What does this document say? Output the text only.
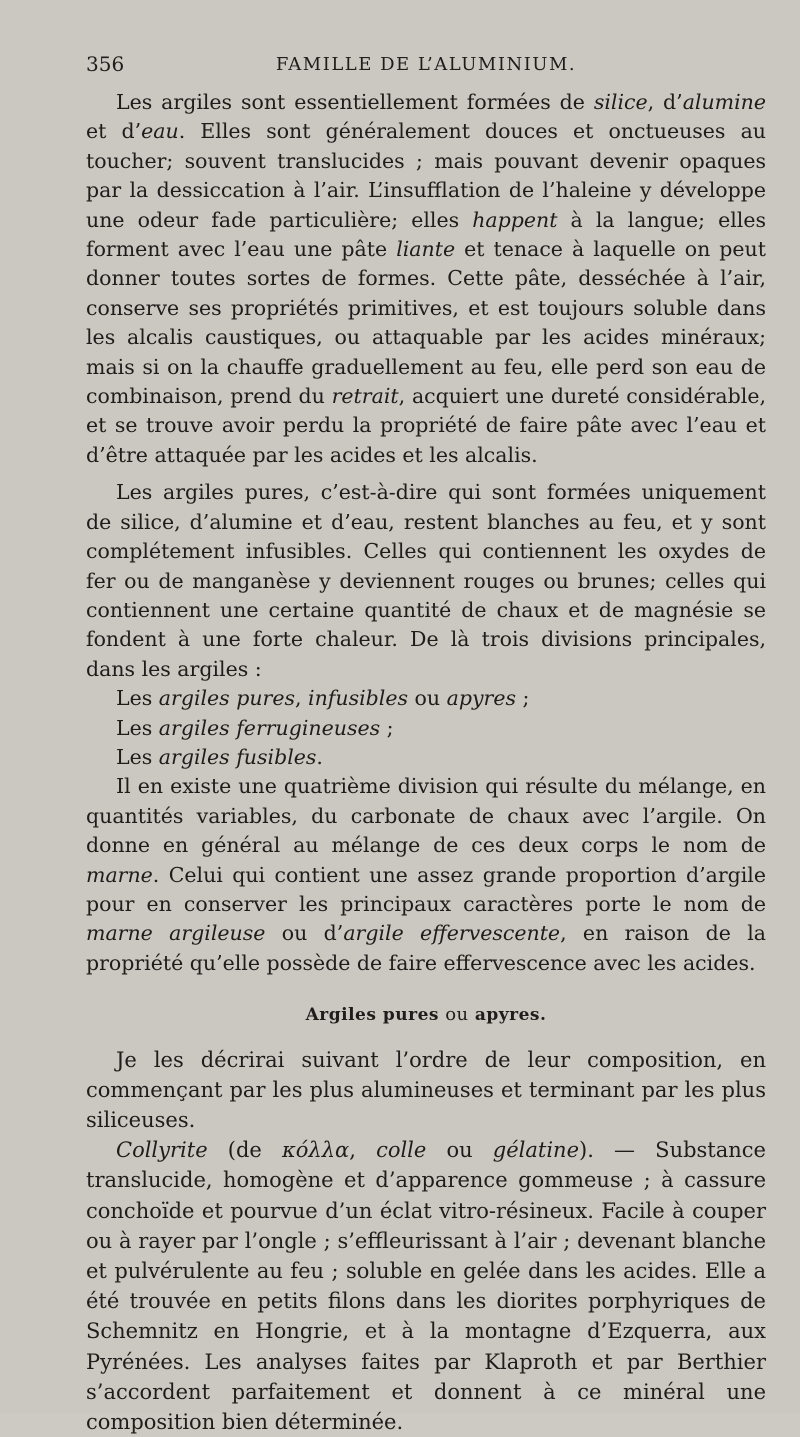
356	FAMILLE DE L’ALUMINIUM.

Les argiles sont essentiellement formées de silice, d’alumine et d’eau. Elles sont généralement douces et onctueuses au toucher; souvent translucides ; mais pouvant devenir opaques par la dessiccation à l’air. L’insufflation de l’haleine y développe une odeur fade particulière; elles happent à la langue; elles forment avec l’eau une pâte liante et tenace à laquelle on peut donner toutes sortes de formes. Cette pâte, desséchée à l’air, conserve ses propriétés primitives, et est toujours soluble dans les alcalis caustiques, ou attaquable par les acides minéraux; mais si on la chauffe graduellement au feu, elle perd son eau de combinaison, prend du retrait, acquiert une dureté considérable, et se trouve avoir perdu la propriété de faire pâte avec l’eau et d’être attaquée par les acides et les alcalis.

Les argiles pures, c’est-à-dire qui sont formées uniquement de silice, d’alumine et d’eau, restent blanches au feu, et y sont complétement infusibles. Celles qui contiennent les oxydes de fer ou de manganèse y deviennent rouges ou brunes; celles qui contiennent une certaine quantité de chaux et de magnésie se fondent à une forte chaleur. De là trois divisions principales, dans les argiles :

Les argiles pures, infusibles ou apyres ;

Les argiles ferrugineuses ;

Les argiles fusibles.

Il en existe une quatrième division qui résulte du mélange, en quantités variables, du carbonate de chaux avec l’argile. On donne en général au mélange de ces deux corps le nom de marne. Celui qui contient une assez grande proportion d’argile pour en conserver les principaux caractères porte le nom de marne argileuse ou d’argile effervescente, en raison de la propriété qu’elle possède de faire effervescence avec les acides.

Argiles pures ou apyres.

Je les décrirai suivant l’ordre de leur composition, en commençant par les plus alumineuses et terminant par les plus siliceuses.

Collyrite (de κόλλα, colle ou gélatine). — Substance translucide, homogène et d’apparence gommeuse ; à cassure conchoïde et pourvue d’un éclat vitro-résineux. Facile à couper ou à rayer par l’ongle ; s’effleurissant à l’air ; devenant blanche et pulvérulente au feu ; soluble en gelée dans les acides. Elle a été trouvée en petits filons dans les diorites porphyriques de Schemnitz en Hongrie, et à la montagne d’Ezquerra, aux Pyrénées. Les analyses faites par Klaproth et par Berthier s’accordent parfaitement et donnent à ce minéral une composition bien déterminée.
